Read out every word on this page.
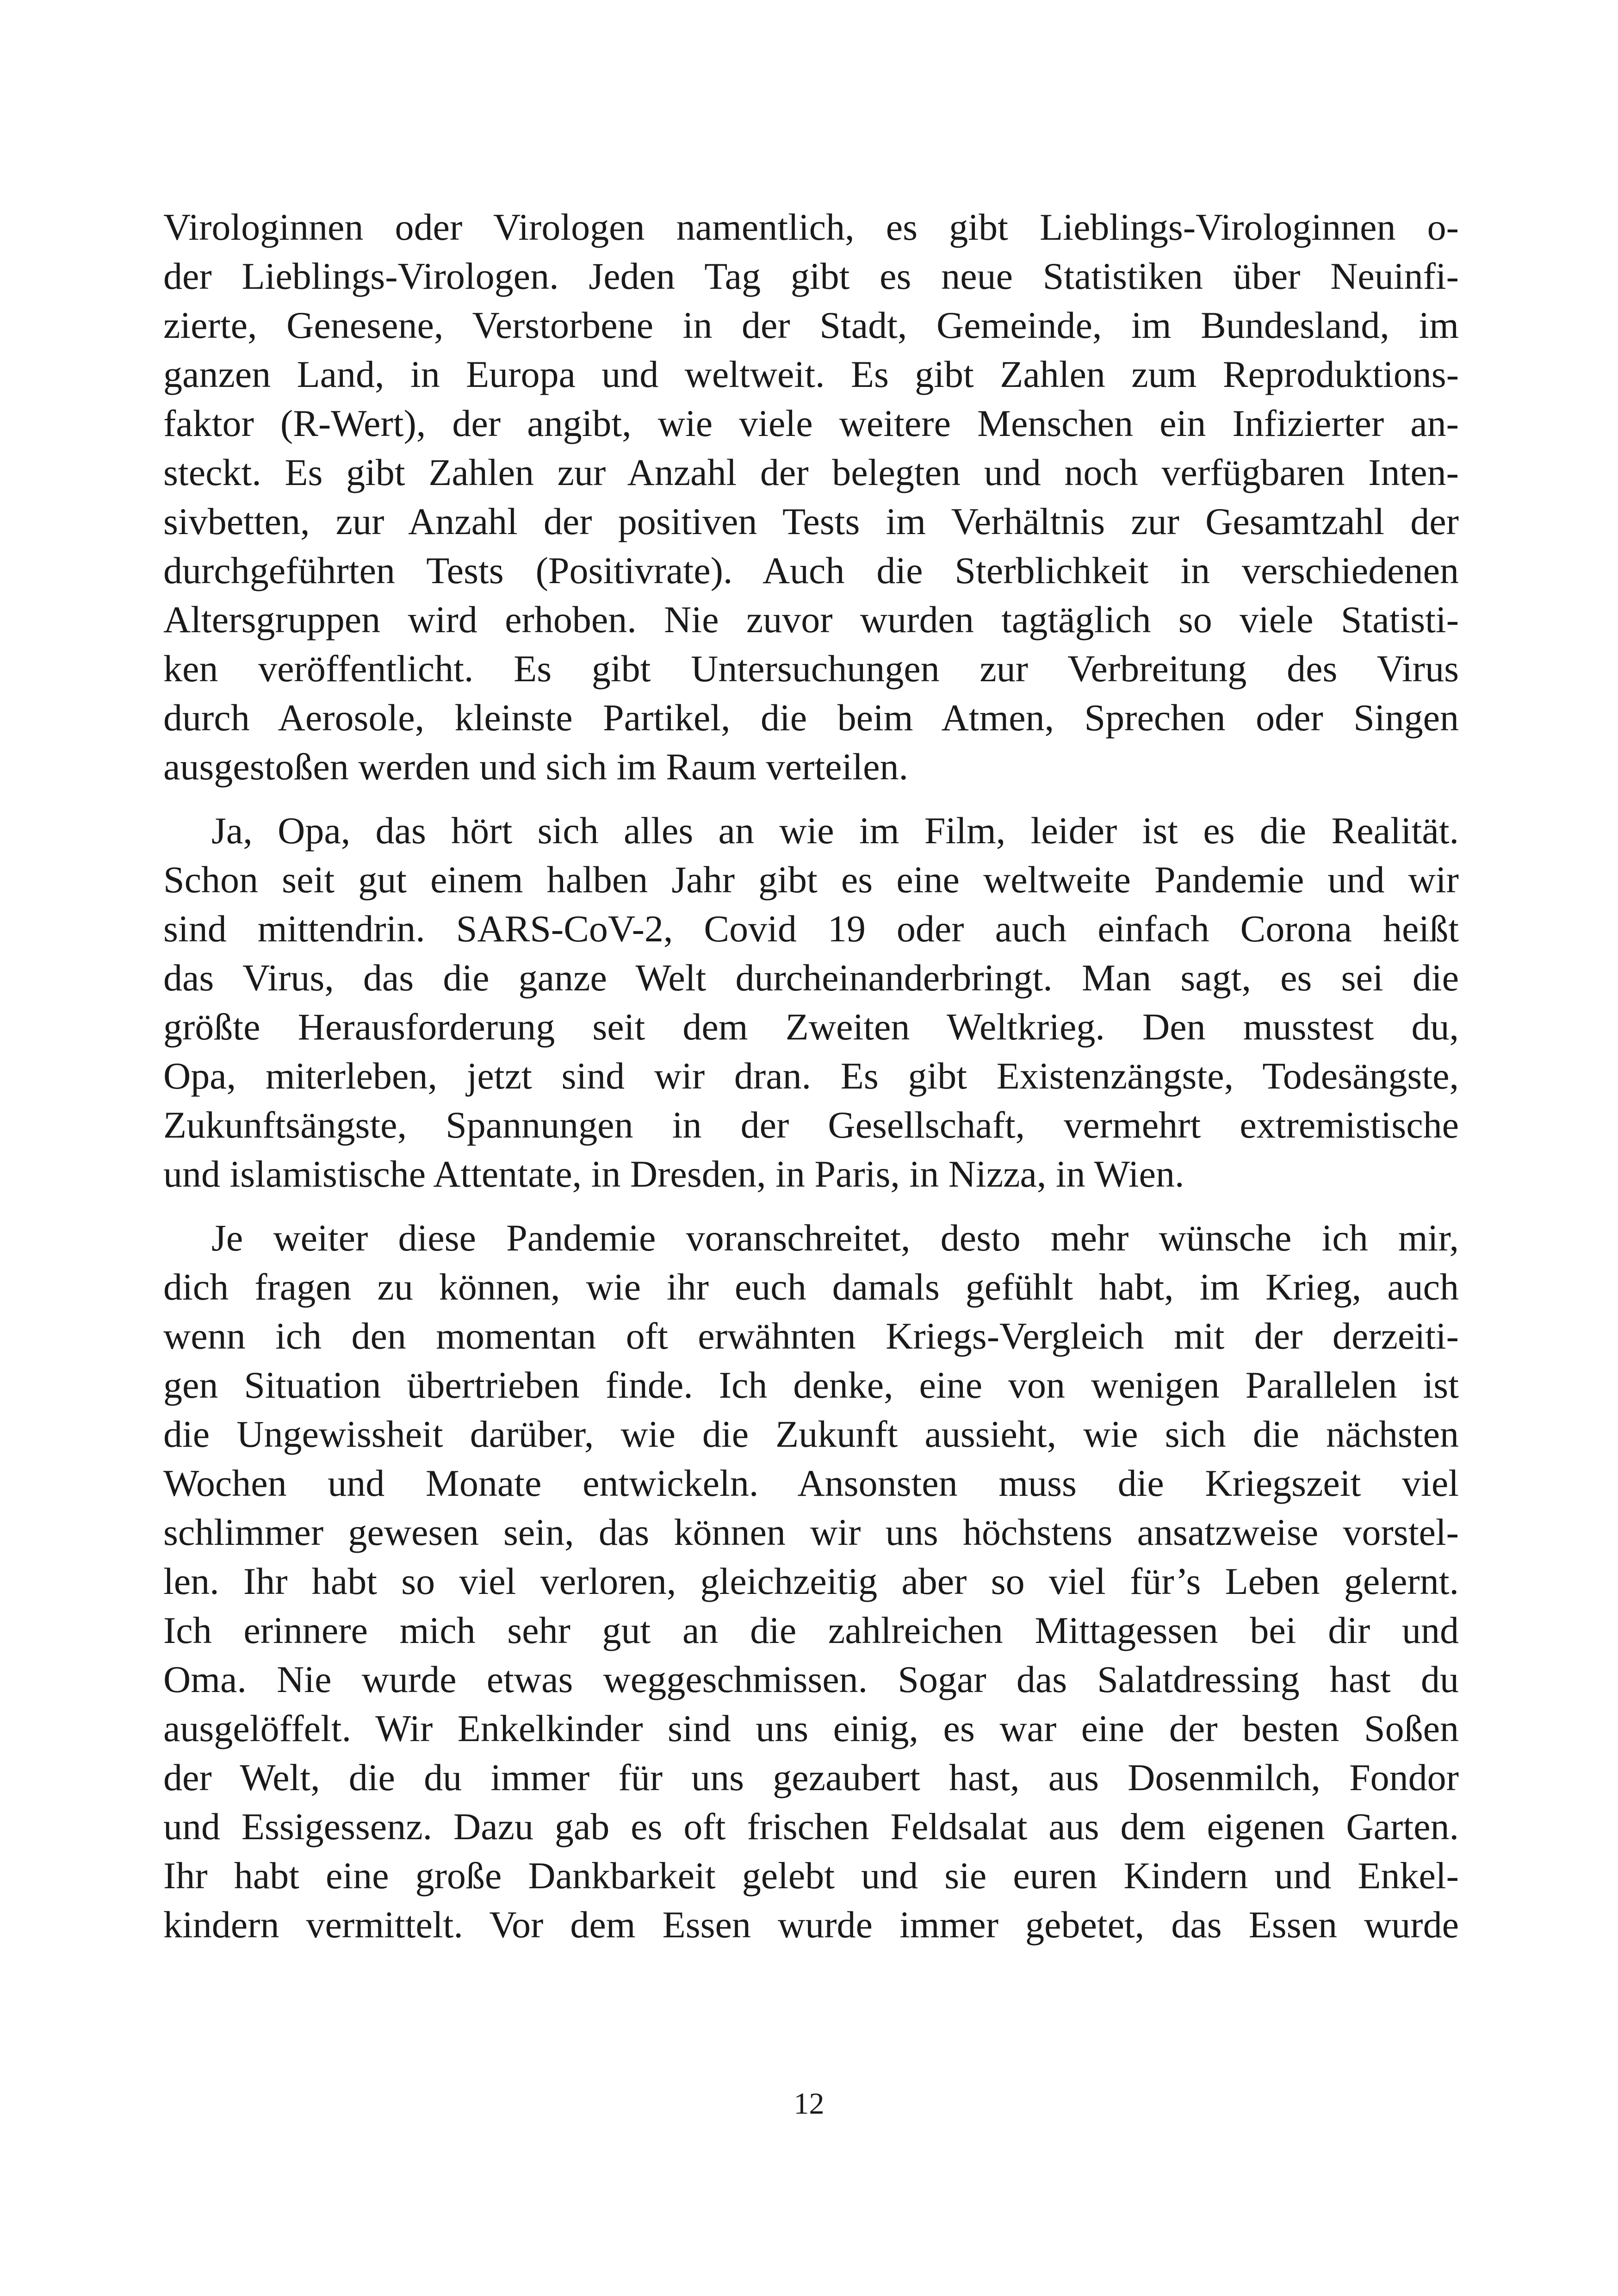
Virologinnen oder Virologen namentlich, es gibt Lieblings-Virologinnen o-
der Lieblings-Virologen. Jeden Tag gibt es neue Statistiken über Neuinfi-
zierte, Genesene, Verstorbene in der Stadt, Gemeinde, im Bundesland, im
ganzen Land, in Europa und weltweit. Es gibt Zahlen zum Reproduktions-
faktor (R-Wert), der angibt, wie viele weitere Menschen ein Infizierter an-
steckt. Es gibt Zahlen zur Anzahl der belegten und noch verfügbaren Inten-
sivbetten, zur Anzahl der positiven Tests im Verhältnis zur Gesamtzahl der
durchgeführten Tests (Positivrate). Auch die Sterblichkeit in verschiedenen
Altersgruppen wird erhoben. Nie zuvor wurden tagtäglich so viele Statisti-
ken veröffentlicht. Es gibt Untersuchungen zur Verbreitung des Virus
durch Aerosole, kleinste Partikel, die beim Atmen, Sprechen oder Singen
ausgestoßen werden und sich im Raum verteilen.
Ja, Opa, das hört sich alles an wie im Film, leider ist es die Realität.
Schon seit gut einem halben Jahr gibt es eine weltweite Pandemie und wir
sind mittendrin. SARS-CoV-2, Covid 19 oder auch einfach Corona heißt
das Virus, das die ganze Welt durcheinanderbringt. Man sagt, es sei die
größte Herausforderung seit dem Zweiten Weltkrieg. Den musstest du,
Opa, miterleben, jetzt sind wir dran. Es gibt Existenzängste, Todesängste,
Zukunftsängste, Spannungen in der Gesellschaft, vermehrt extremistische
und islamistische Attentate, in Dresden, in Paris, in Nizza, in Wien.
Je weiter diese Pandemie voranschreitet, desto mehr wünsche ich mir,
dich fragen zu können, wie ihr euch damals gefühlt habt, im Krieg, auch
wenn ich den momentan oft erwähnten Kriegs-Vergleich mit der derzeiti-
gen Situation übertrieben finde. Ich denke, eine von wenigen Parallelen ist
die Ungewissheit darüber, wie die Zukunft aussieht, wie sich die nächsten
Wochen und Monate entwickeln. Ansonsten muss die Kriegszeit viel
schlimmer gewesen sein, das können wir uns höchstens ansatzweise vorstel-
len. Ihr habt so viel verloren, gleichzeitig aber so viel für’s Leben gelernt.
Ich erinnere mich sehr gut an die zahlreichen Mittagessen bei dir und
Oma. Nie wurde etwas weggeschmissen. Sogar das Salatdressing hast du
ausgelöffelt. Wir Enkelkinder sind uns einig, es war eine der besten Soßen
der Welt, die du immer für uns gezaubert hast, aus Dosenmilch, Fondor
und Essigessenz. Dazu gab es oft frischen Feldsalat aus dem eigenen Garten.
Ihr habt eine große Dankbarkeit gelebt und sie euren Kindern und Enkel-
kindern vermittelt. Vor dem Essen wurde immer gebetet, das Essen wurde
12
